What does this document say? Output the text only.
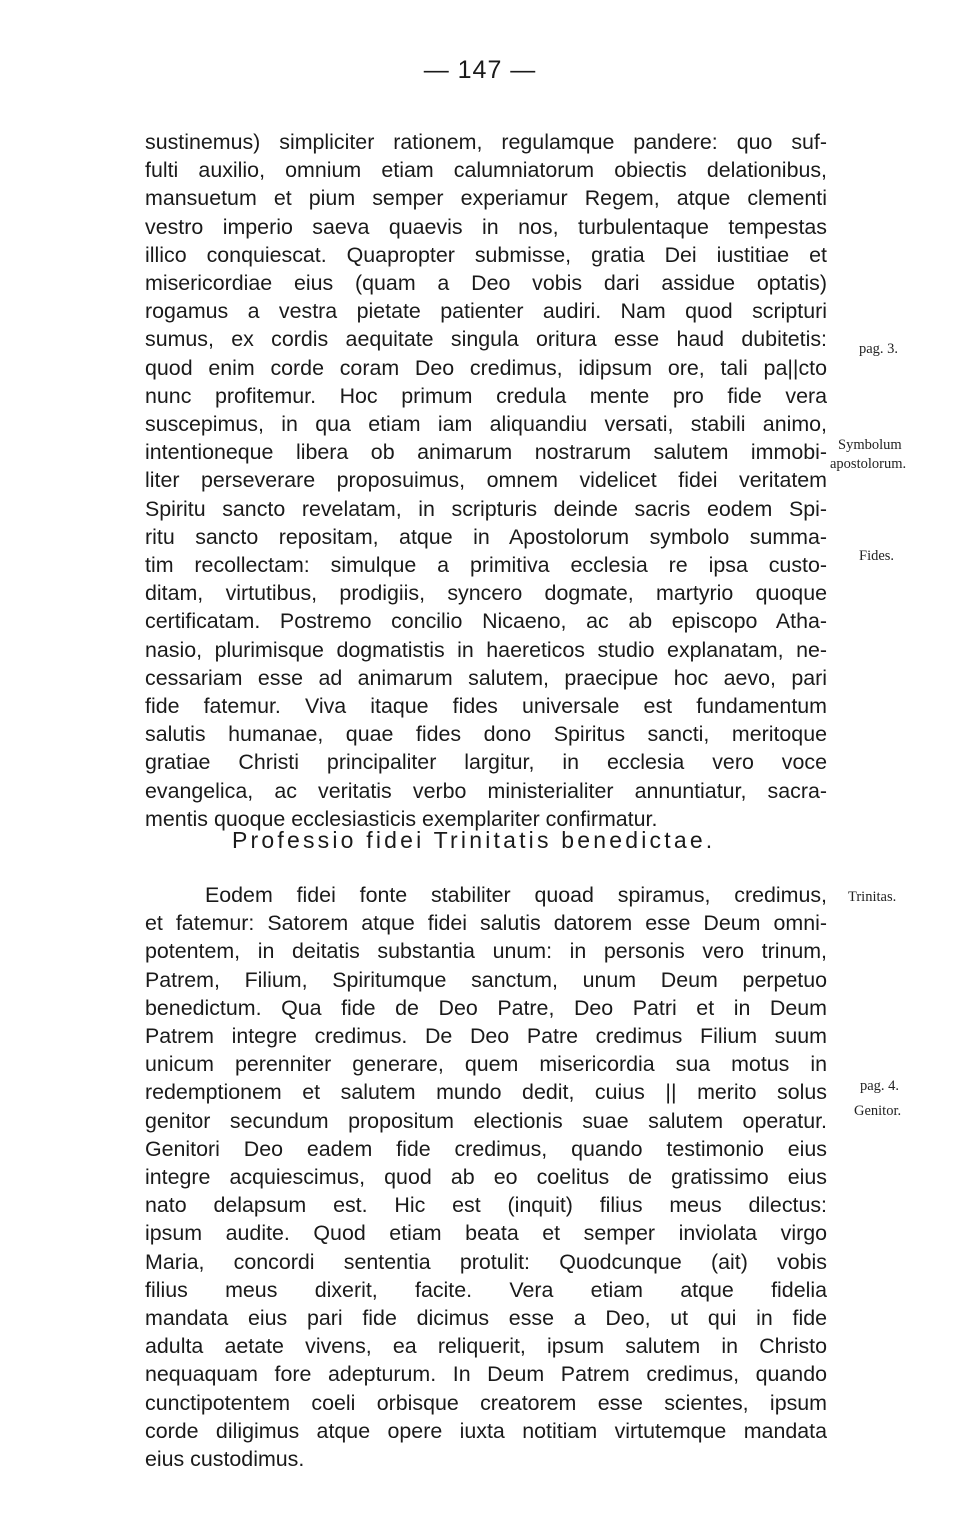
— 147 —
sustinemus) simpliciter rationem, regulamque pandere: quo suf-
fulti auxilio, omnium etiam calumniatorum obiectis delationibus,
mansuetum et pium semper experiamur Regem, atque clementi
vestro imperio saeva quaevis in nos, turbulentaque tempestas
illico conquiescat. Quapropter submisse, gratia Dei iustitiae et
misericordiae eius (quam a Deo vobis dari assidue optatis)
rogamus a vestra pietate patienter audiri. Nam quod scripturi
sumus, ex cordis aequitate singula oritura esse haud dubitetis:
quod enim corde coram Deo credimus, idipsum ore, tali pa||cto
nunc profitemur. Hoc primum credula mente pro fide vera
suscepimus, in qua etiam iam aliquandiu versati, stabili animo,
intentioneque libera ob animarum nostrarum salutem immobi-
liter perseverare proposuimus, omnem videlicet fidei veritatem
Spiritu sancto revelatam, in scripturis deinde sacris eodem Spi-
ritu sancto repositam, atque in Apostolorum symbolo summa-
tim recollectam: simulque a primitiva ecclesia re ipsa custo-
ditam, virtutibus, prodigiis, syncero dogmate, martyrio quoque
certificatam. Postremo concilio Nicaeno, ac ab episcopo Atha-
nasio, plurimisque dogmatistis in haereticos studio explanatam, ne-
cessariam esse ad animarum salutem, praecipue hoc aevo, pari
fide fatemur. Viva itaque fides universale est fundamentum
salutis humanae, quae fides dono Spiritus sancti, meritoque
gratiae Christi principaliter largitur, in ecclesia vero voce
evangelica, ac veritatis verbo ministerialiter annuntiatur, sacra-
mentis quoque ecclesiasticis exemplariter confirmatur.
Professio fidei Trinitatis benedictae.
Eodem fidei fonte stabiliter quoad spiramus, credimus,
et fatemur: Satorem atque fidei salutis datorem esse Deum omni-
potentem, in deitatis substantia unum: in personis vero trinum,
Patrem, Filium, Spiritumque sanctum, unum Deum perpetuo
benedictum. Qua fide de Deo Patre, Deo Patri et in Deum
Patrem integre credimus. De Deo Patre credimus Filium suum
unicum perenniter generare, quem misericordia sua motus in
redemptionem et salutem mundo dedit, cuius || merito solus
genitor secundum propositum electionis suae salutem operatur.
Genitori Deo eadem fide credimus, quando testimonio eius
integre acquiescimus, quod ab eo coelitus de gratissimo eius
nato delapsum est. Hic est (inquit) filius meus dilectus:
ipsum audite. Quod etiam beata et semper inviolata virgo
Maria, concordi sententia protulit: Quodcunque (ait) vobis
filius meus dixerit, facite. Vera etiam atque fidelia
mandata eius pari fide dicimus esse a Deo, ut qui in fide
adulta aetate vivens, ea reliquerit, ipsum salutem in Christo
nequaquam fore adepturum. In Deum Patrem credimus, quando
cunctipotentem coeli orbisque creatorem esse scientes, ipsum
corde diligimus atque opere iuxta notitiam virtutemque mandata
eius custodimus.
pag. 3.
Symbolum
apostolorum.
Fides.
Trinitas.
pag. 4.
Genitor.
